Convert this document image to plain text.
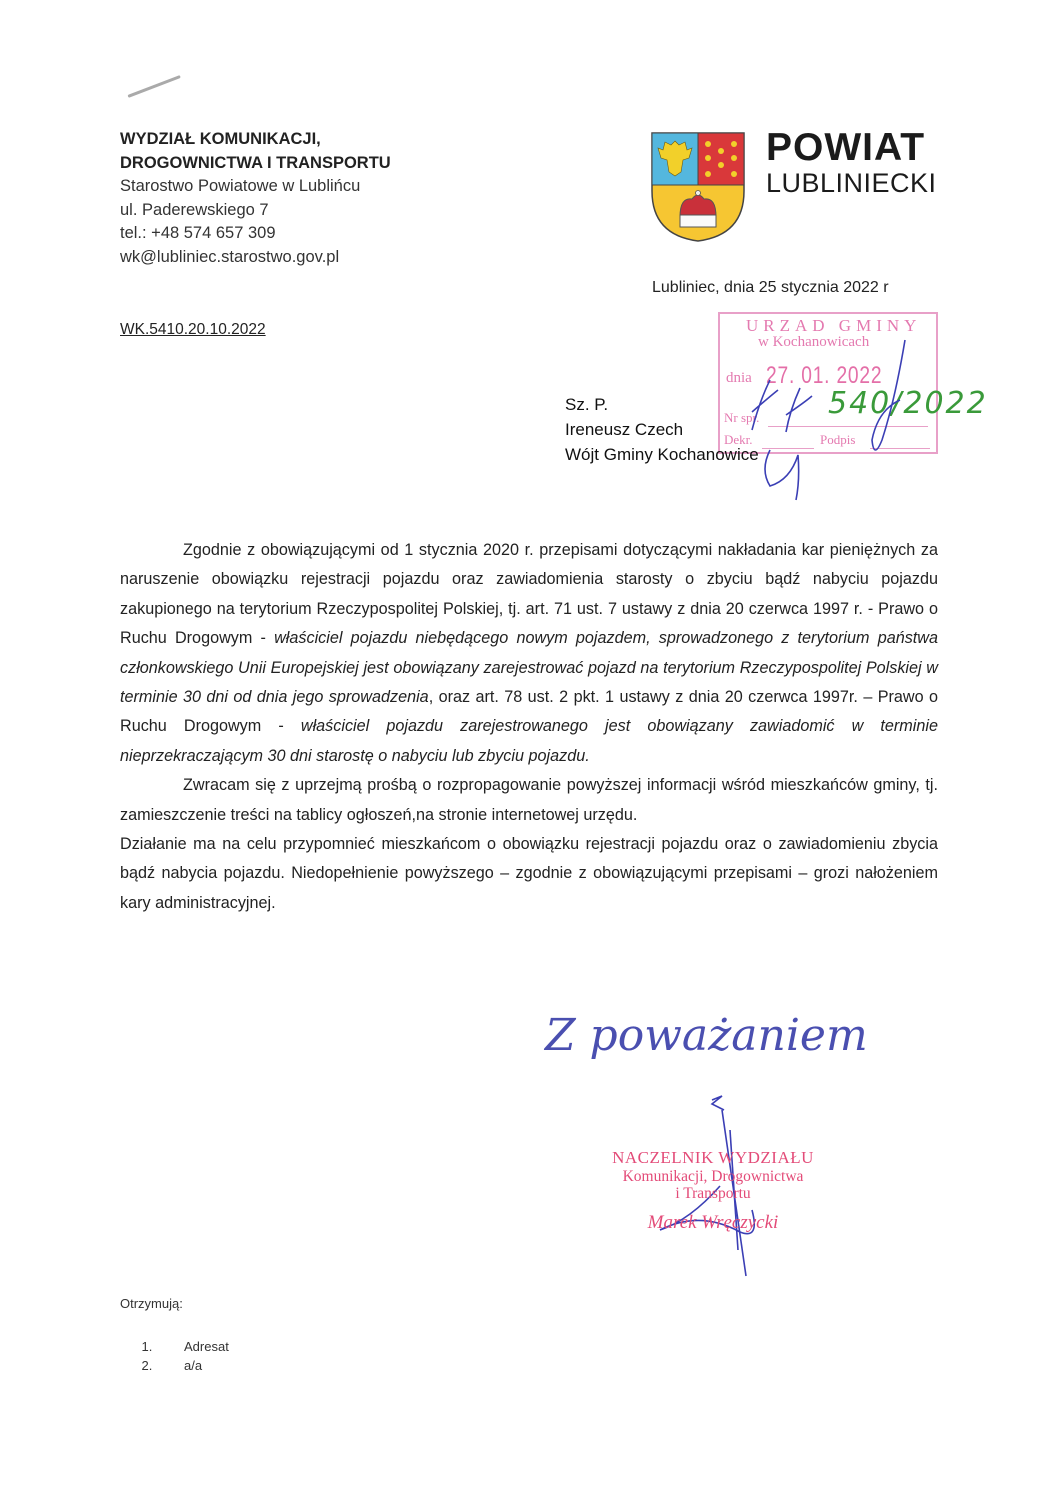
WYDZIAŁ KOMUNIKACJI,
DROGOWNICTWA I TRANSPORTU
Starostwo Powiatowe w Lublińcu
ul. Paderewskiego 7
tel.: +48 574 657 309
wk@lubliniec.starostwo.gov.pl
WK.5410.20.10.2022
POWIAT
LUBLINIECKI
Lubliniec, dnia 25 stycznia 2022 r
URZAD GMINY
w Kochanowicach
dnia 27. 01. 2022
Nr spr.
Dekr.	Podpis
540/2022
Sz. P.
Ireneusz Czech
Wójt Gminy Kochanowice

Zgodnie z obowiązującymi od 1 stycznia 2020 r. przepisami dotyczącymi nakładania kar pieniężnych za naruszenie obowiązku rejestracji pojazdu oraz zawiadomienia starosty o zbyciu bądź nabyciu pojazdu zakupionego na terytorium Rzeczypospolitej Polskiej, tj. art. 71 ust. 7 ustawy z dnia 20 czerwca 1997 r. - Prawo o Ruchu Drogowym - właściciel pojazdu niebędącego nowym pojazdem, sprowadzonego z terytorium państwa członkowskiego Unii Europejskiej jest obowiązany zarejestrować pojazd na terytorium Rzeczypospolitej Polskiej w terminie 30 dni od dnia jego sprowadzenia, oraz art. 78 ust. 2 pkt. 1 ustawy z dnia 20 czerwca 1997r. – Prawo o Ruchu Drogowym - właściciel pojazdu zarejestrowanego jest obowiązany zawiadomić w terminie nieprzekraczającym 30 dni starostę o nabyciu lub zbyciu pojazdu.

Zwracam się z uprzejmą prośbą o rozpropagowanie powyższej informacji wśród mieszkańców gminy, tj. zamieszczenie treści na tablicy ogłoszeń,na stronie internetowej urzędu.

Działanie ma na celu przypomnieć mieszkańcom o obowiązku rejestracji pojazdu oraz o zawiadomieniu zbycia bądź nabycia pojazdu. Niedopełnienie powyższego – zgodnie z obowiązującymi przepisami – grozi nałożeniem kary administracyjnej.

Z poważaniem
NACZELNIK WYDZIAŁU
Komunikacji, Drogownictwa
i Transportu
Marek Wręczycki
Otrzymują:
1. Adresat
2. a/a
